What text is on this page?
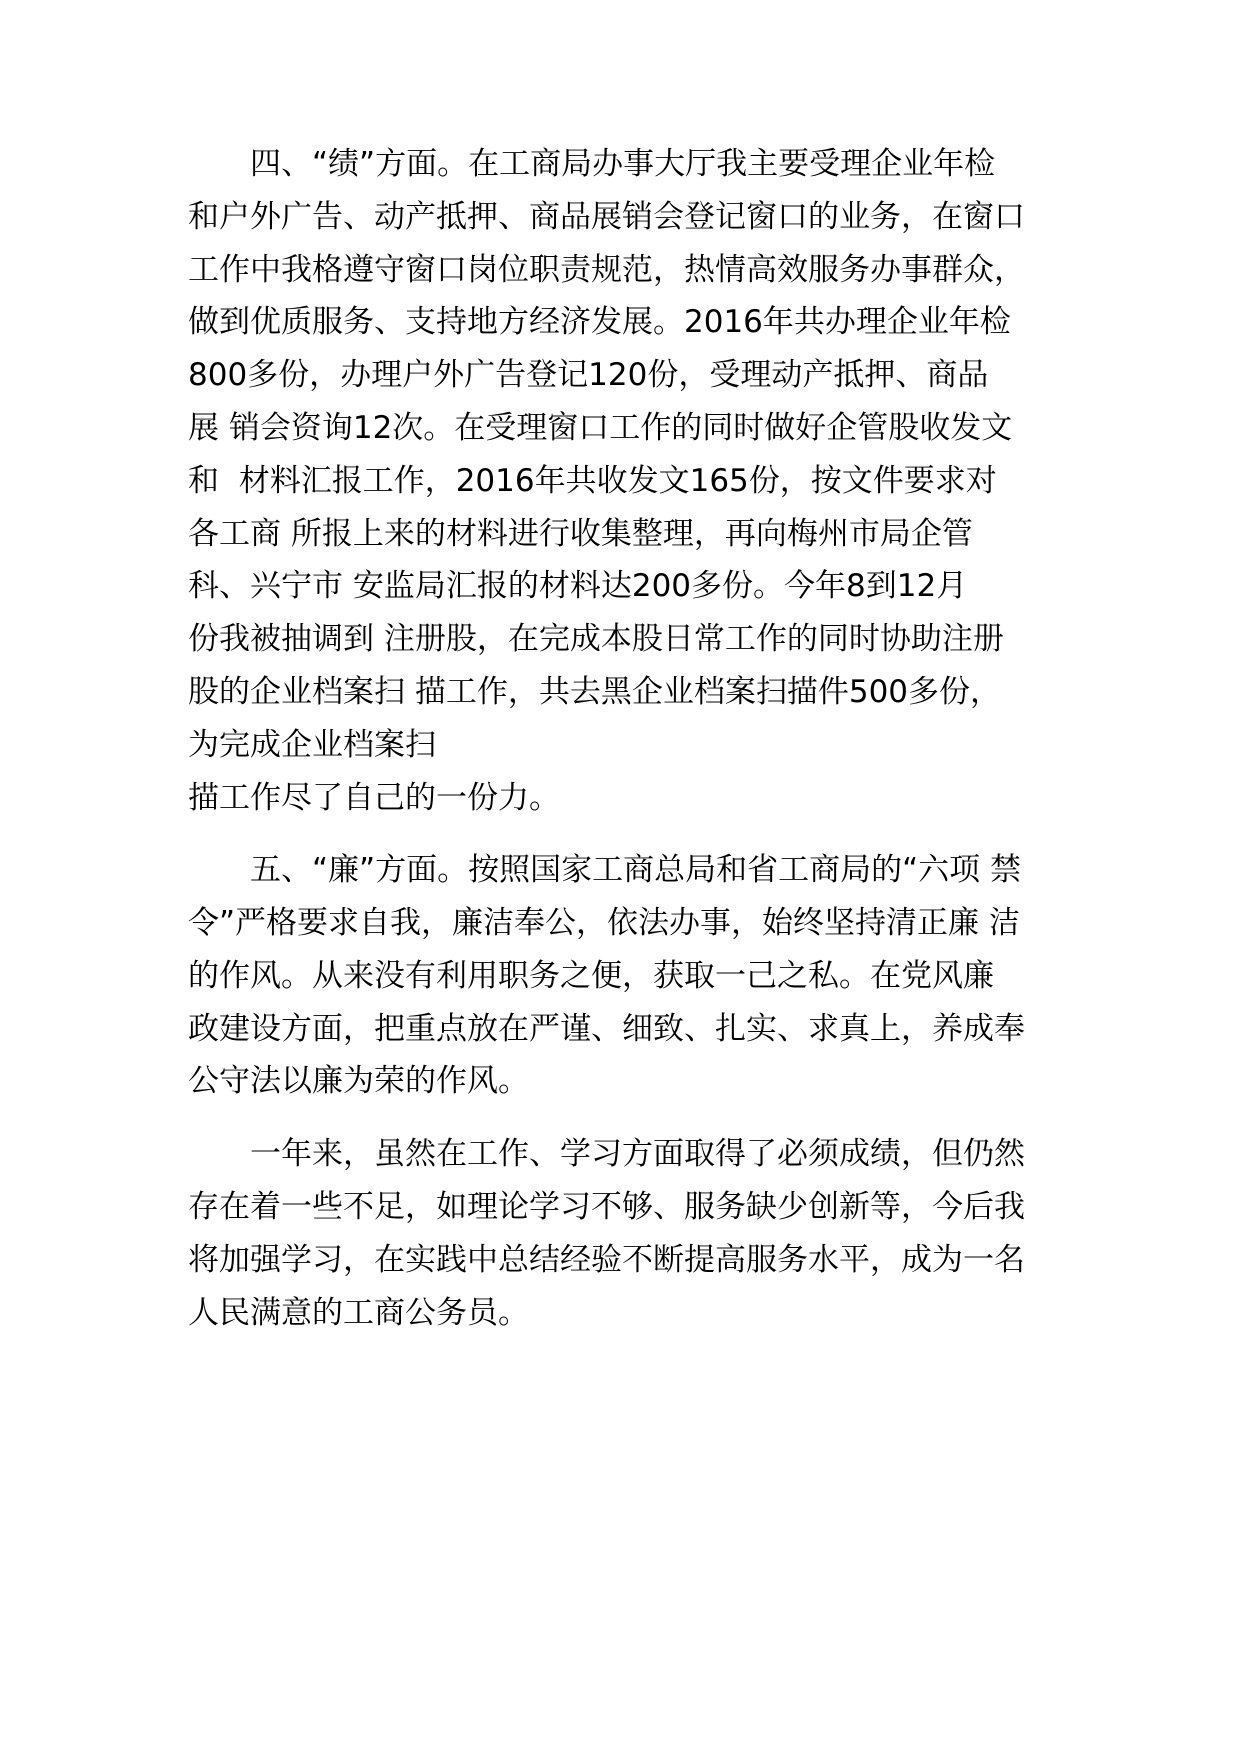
　　四、“绩”方面。在工商局办事大厅我主要受理企业年检

和户外广告、动产抵押、商品展销会登记窗口的业务，在窗口

工作中我格遵守窗口岗位职责规范，热情高效服务办事群众，

做到优质服务、支持地方经济发展。2016年共办理企业年检

800多份，办理户外广告登记120份，受理动产抵押、商品

展 销会资询12次。在受理窗口工作的同时做好企管股收发文

和  材料汇报工作，2016年共收发文165份，按文件要求对

各工商 所报上来的材料进行收集整理，再向梅州市局企管

科、兴宁市 安监局汇报的材料达200多份。今年8到12月

份我被抽调到 注册股，在完成本股日常工作的同时协助注册

股的企业档案扫 描工作，共去黑企业档案扫描件500多份，

为完成企业档案扫

描工作尽了自己的一份力。

　　五、“廉”方面。按照国家工商总局和省工商局的“六项 禁

令”严格要求自我，廉洁奉公，依法办事，始终坚持清正廉 洁

的作风。从来没有利用职务之便，获取一己之私。在党风廉

政建设方面，把重点放在严谨、细致、扎实、求真上，养成奉

公守法以廉为荣的作风。

　　一年来，虽然在工作、学习方面取得了必须成绩，但仍然

存在着一些不足，如理论学习不够、服务缺少创新等，今后我

将加强学习，在实践中总结经验不断提高服务水平，成为一名

人民满意的工商公务员。
